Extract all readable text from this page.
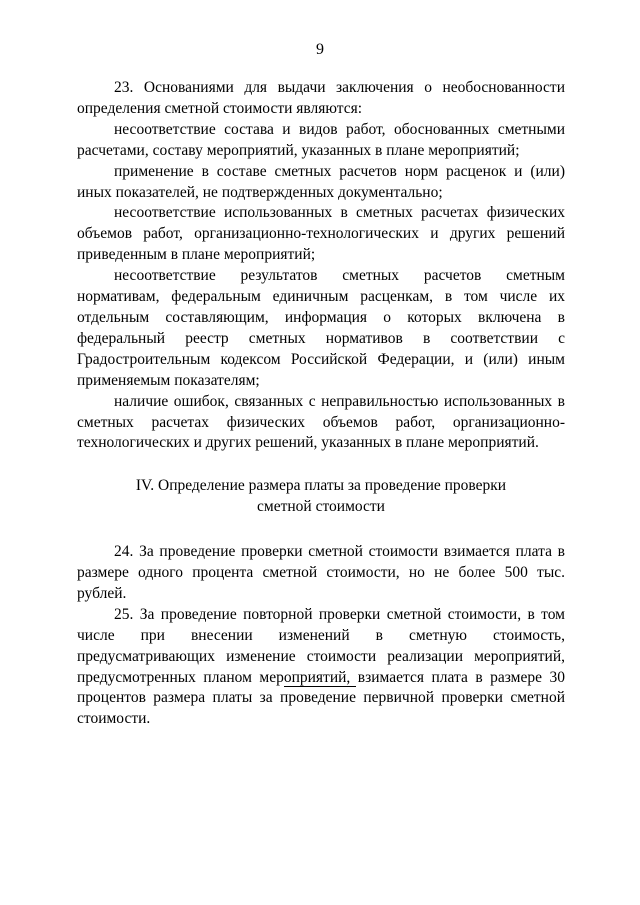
9

23. Основаниями для выдачи заключения о необоснованности определения сметной стоимости являются:

несоответствие состава и видов работ, обоснованных сметными расчетами, составу мероприятий, указанных в плане мероприятий;

применение в составе сметных расчетов норм расценок и (или) иных показателей, не подтвержденных документально;

несоответствие использованных в сметных расчетах физических объемов работ, организационно-технологических и других решений приведенным в плане мероприятий;

несоответствие результатов сметных расчетов сметным нормативам, федеральным единичным расценкам, в том числе их отдельным составляющим, информация о которых включена в федеральный реестр сметных нормативов в соответствии с Градостроительным кодексом Российской Федерации, и (или) иным применяемым показателям;

наличие ошибок, связанных с неправильностью использованных в сметных расчетах физических объемов работ, организационно-технологических и других решений, указанных в плане мероприятий.

IV. Определение размера платы за проведение проверки
сметной стоимости

24. За проведение проверки сметной стоимости взимается плата в размере одного процента сметной стоимости, но не более 500 тыс. рублей.

25. За проведение повторной проверки сметной стоимости, в том числе при внесении изменений в сметную стоимость, предусматривающих изменение стоимости реализации мероприятий, предусмотренных планом мероприятий, взимается плата в размере 30 процентов размера платы за проведение первичной проверки сметной стоимости.
